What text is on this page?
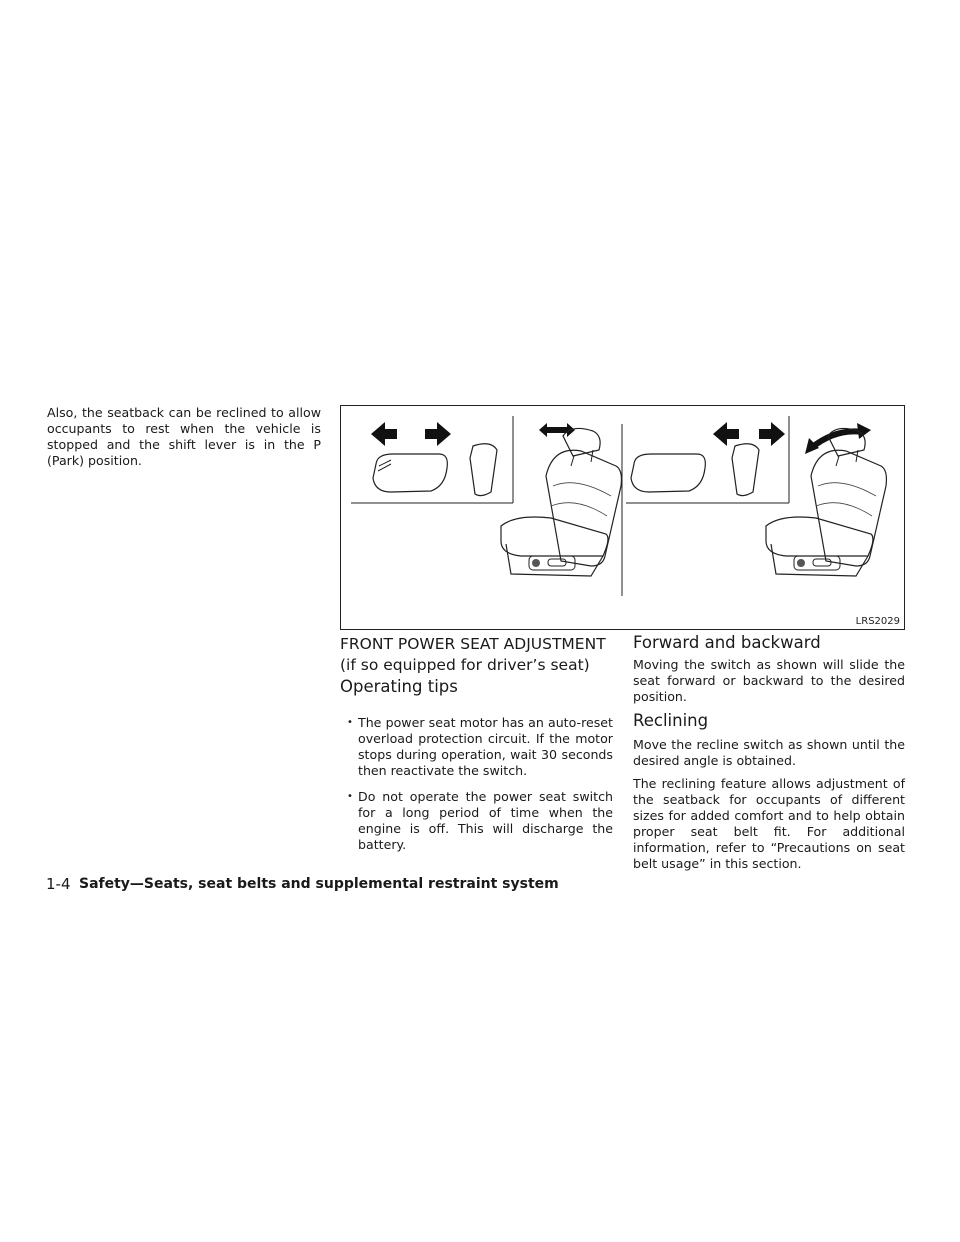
Also, the seatback can be reclined to allow occupants to rest when the vehicle is stopped and the shift lever is in the P (Park) position.

LRS2029
FRONT POWER SEAT ADJUSTMENT
(if so equipped for driver’s seat)
Operating tips
• The power seat motor has an auto-reset overload protection circuit. If the motor stops during operation, wait 30 seconds then reactivate the switch.
• Do not operate the power seat switch for a long period of time when the engine is off. This will discharge the battery.
Forward and backward

Moving the switch as shown will slide the seat forward or backward to the desired position.

Reclining

Move the recline switch as shown until the desired angle is obtained.

The reclining feature allows adjustment of the seatback for occupants of different sizes for added comfort and to help obtain proper seat belt fit. For additional information, refer to “Precautions on seat belt usage” in this section.

1-4 Safety—Seats, seat belts and supplemental restraint system
